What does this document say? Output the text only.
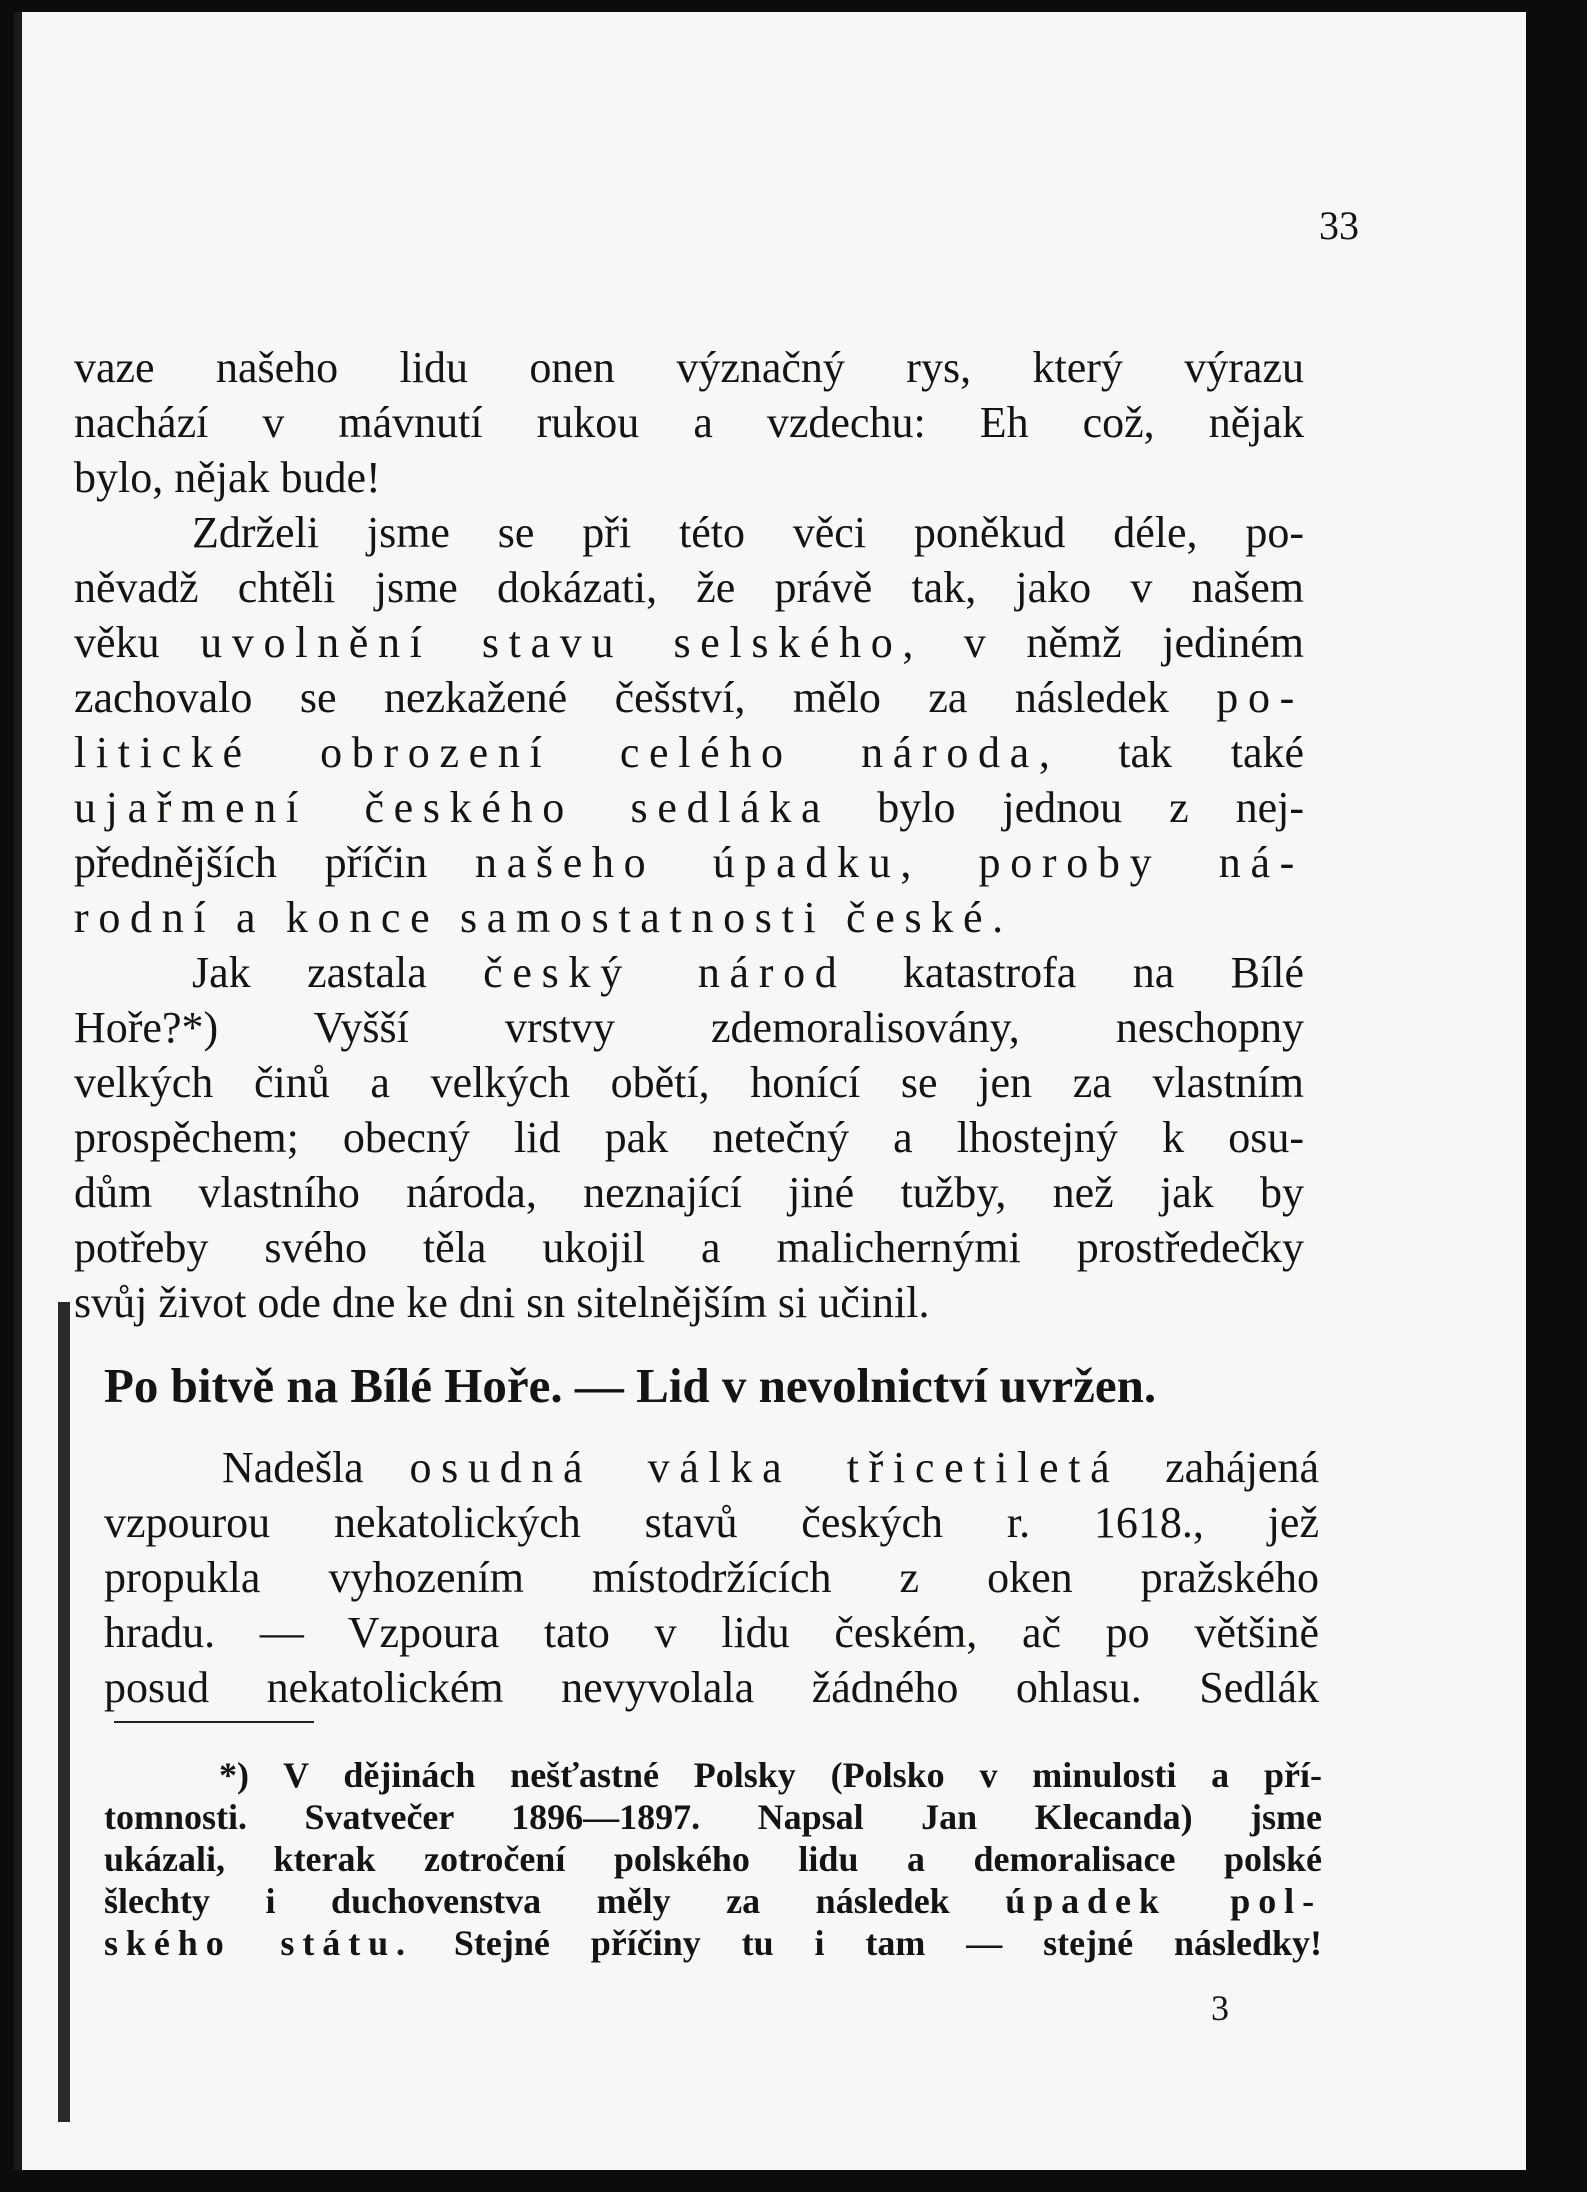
33

vaze našeho lidu onen význačný rys, který výrazu

nachází v mávnutí rukou a vzdechu: Eh což, nějak

bylo, nějak bude!

Zdrželi jsme se při této věci poněkud déle, po-

něvadž chtěli jsme dokázati, že právě tak, jako v našem

věku uvolnění stavu selského, v němž jediném

zachovalo se nezkažené češství, mělo za následek po-

litické obrození celého národa, tak také

ujařmení českého sedláka bylo jednou z nej-

přednějších příčin našeho úpadku, poroby ná-

rodní a konce samostatnosti české.

Jak zastala český národ katastrofa na Bílé

Hoře?*) Vyšší vrstvy zdemoralisovány, neschopny

velkých činů a velkých obětí, honící se jen za vlastním

prospěchem; obecný lid pak netečný a lhostejný k osu-

dům vlastního národa, neznající jiné tužby, než jak by

potřeby svého těla ukojil a malichernými prostředečky

svůj život ode dne ke dni sn sitelnějším si učinil.

Po bitvě na Bílé Hoře. — Lid v nevolnictví uvržen.

Nadešla osudná válka třicetiletá zahájená

vzpourou nekatolických stavů českých r. 1618., jež

propukla vyhozením místodržících z oken pražského

hradu. — Vzpoura tato v lidu českém, ač po většině

posud nekatolickém nevyvolala žádného ohlasu. Sedlák

*) V dějinách nešťastné Polsky (Polsko v minulosti a pří-

tomnosti. Svatvečer 1896—1897. Napsal Jan Klecanda) jsme

ukázali, kterak zotročení polského lidu a demoralisace polské

šlechty i duchovenstva měly za následek úpadek pol-

ského státu. Stejné příčiny tu i tam — stejné následky!

3
